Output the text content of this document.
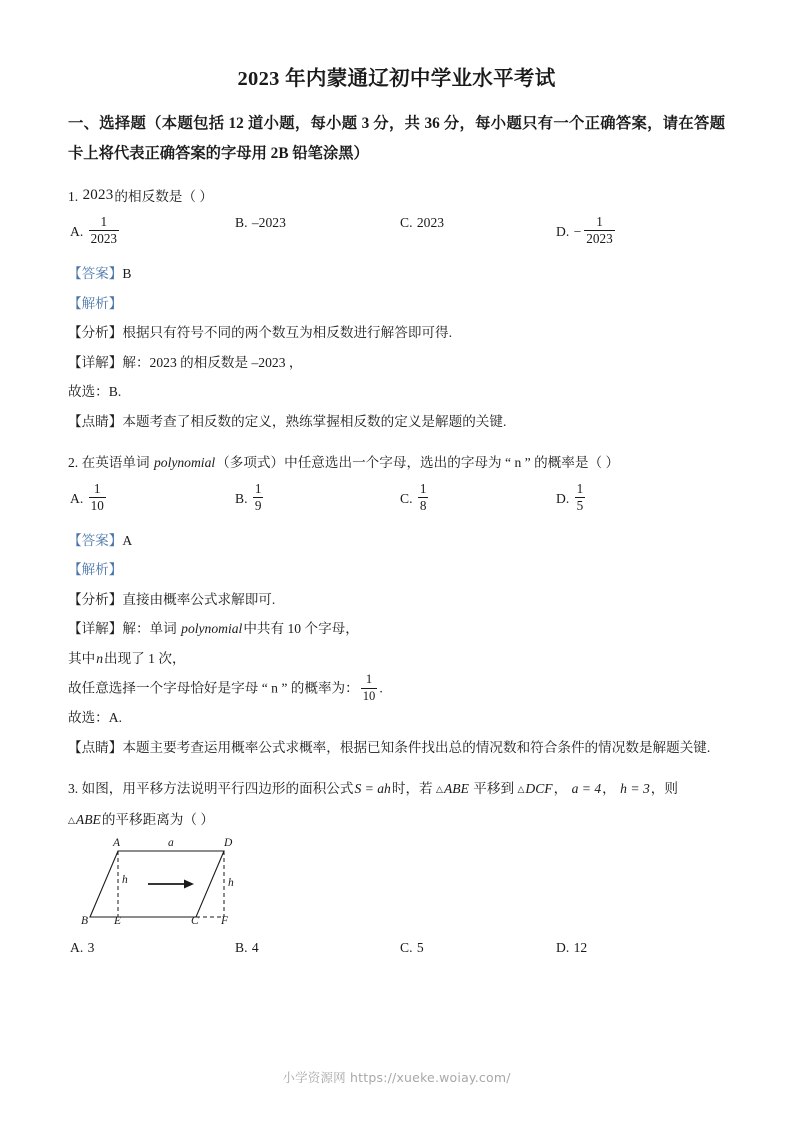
2023 年内蒙通辽初中学业水平考试
一、选择题（本题包括 12 道小题，每小题 3 分，共 36 分，每小题只有一个正确答案，请在答题卡上将代表正确答案的字母用 2B 铅笔涂黑）
1. 2023的相反数是（ ）
A. $\frac{1}{2023}$	B. –2023	C. 2023
D. − $\frac{1}{2023}$
【答案】B
【解析】
【分析】根据只有符号不同的两个数互为相反数进行解答即可得.
【详解】解：2023 的相反数是 –2023 ，
故选：B.
【点睛】本题考查了相反数的定义，熟练掌握相反数的定义是解题的关键.
2. 在英语单词 polynomial（多项式）中任意选出一个字母，选出的字母为 “ n ” 的概率是（ ）
A. $\frac{1}{10}$	B. $\frac{1}{9}$	C. $\frac{1}{8}$	D. $\frac{1}{5}$
【答案】A
【解析】
【分析】直接由概率公式求解即可.
【详解】解：单词 polynomial中共有 10 个字母，
其中n出现了 1 次，
故任意选择一个字母恰好是字母 “ n ” 的概率为： $\frac{1}{10}$ .
故选：A.
【点睛】本题主要考查运用概率公式求概率，根据已知条件找出总的情况数和符合条件的情况数是解题关键.
3. 如图，用平移方法说明平行四边形的面积公式S = ah时，若 △ABE 平移到 △DCF， a = 4， h = 3，则
△ABE的平移距离为（ ）
A	D
B E	C F
a
h	h
A. 3	B. 4	C. 5	D. 12
小学资源网 https://xueke.woiay.com/
